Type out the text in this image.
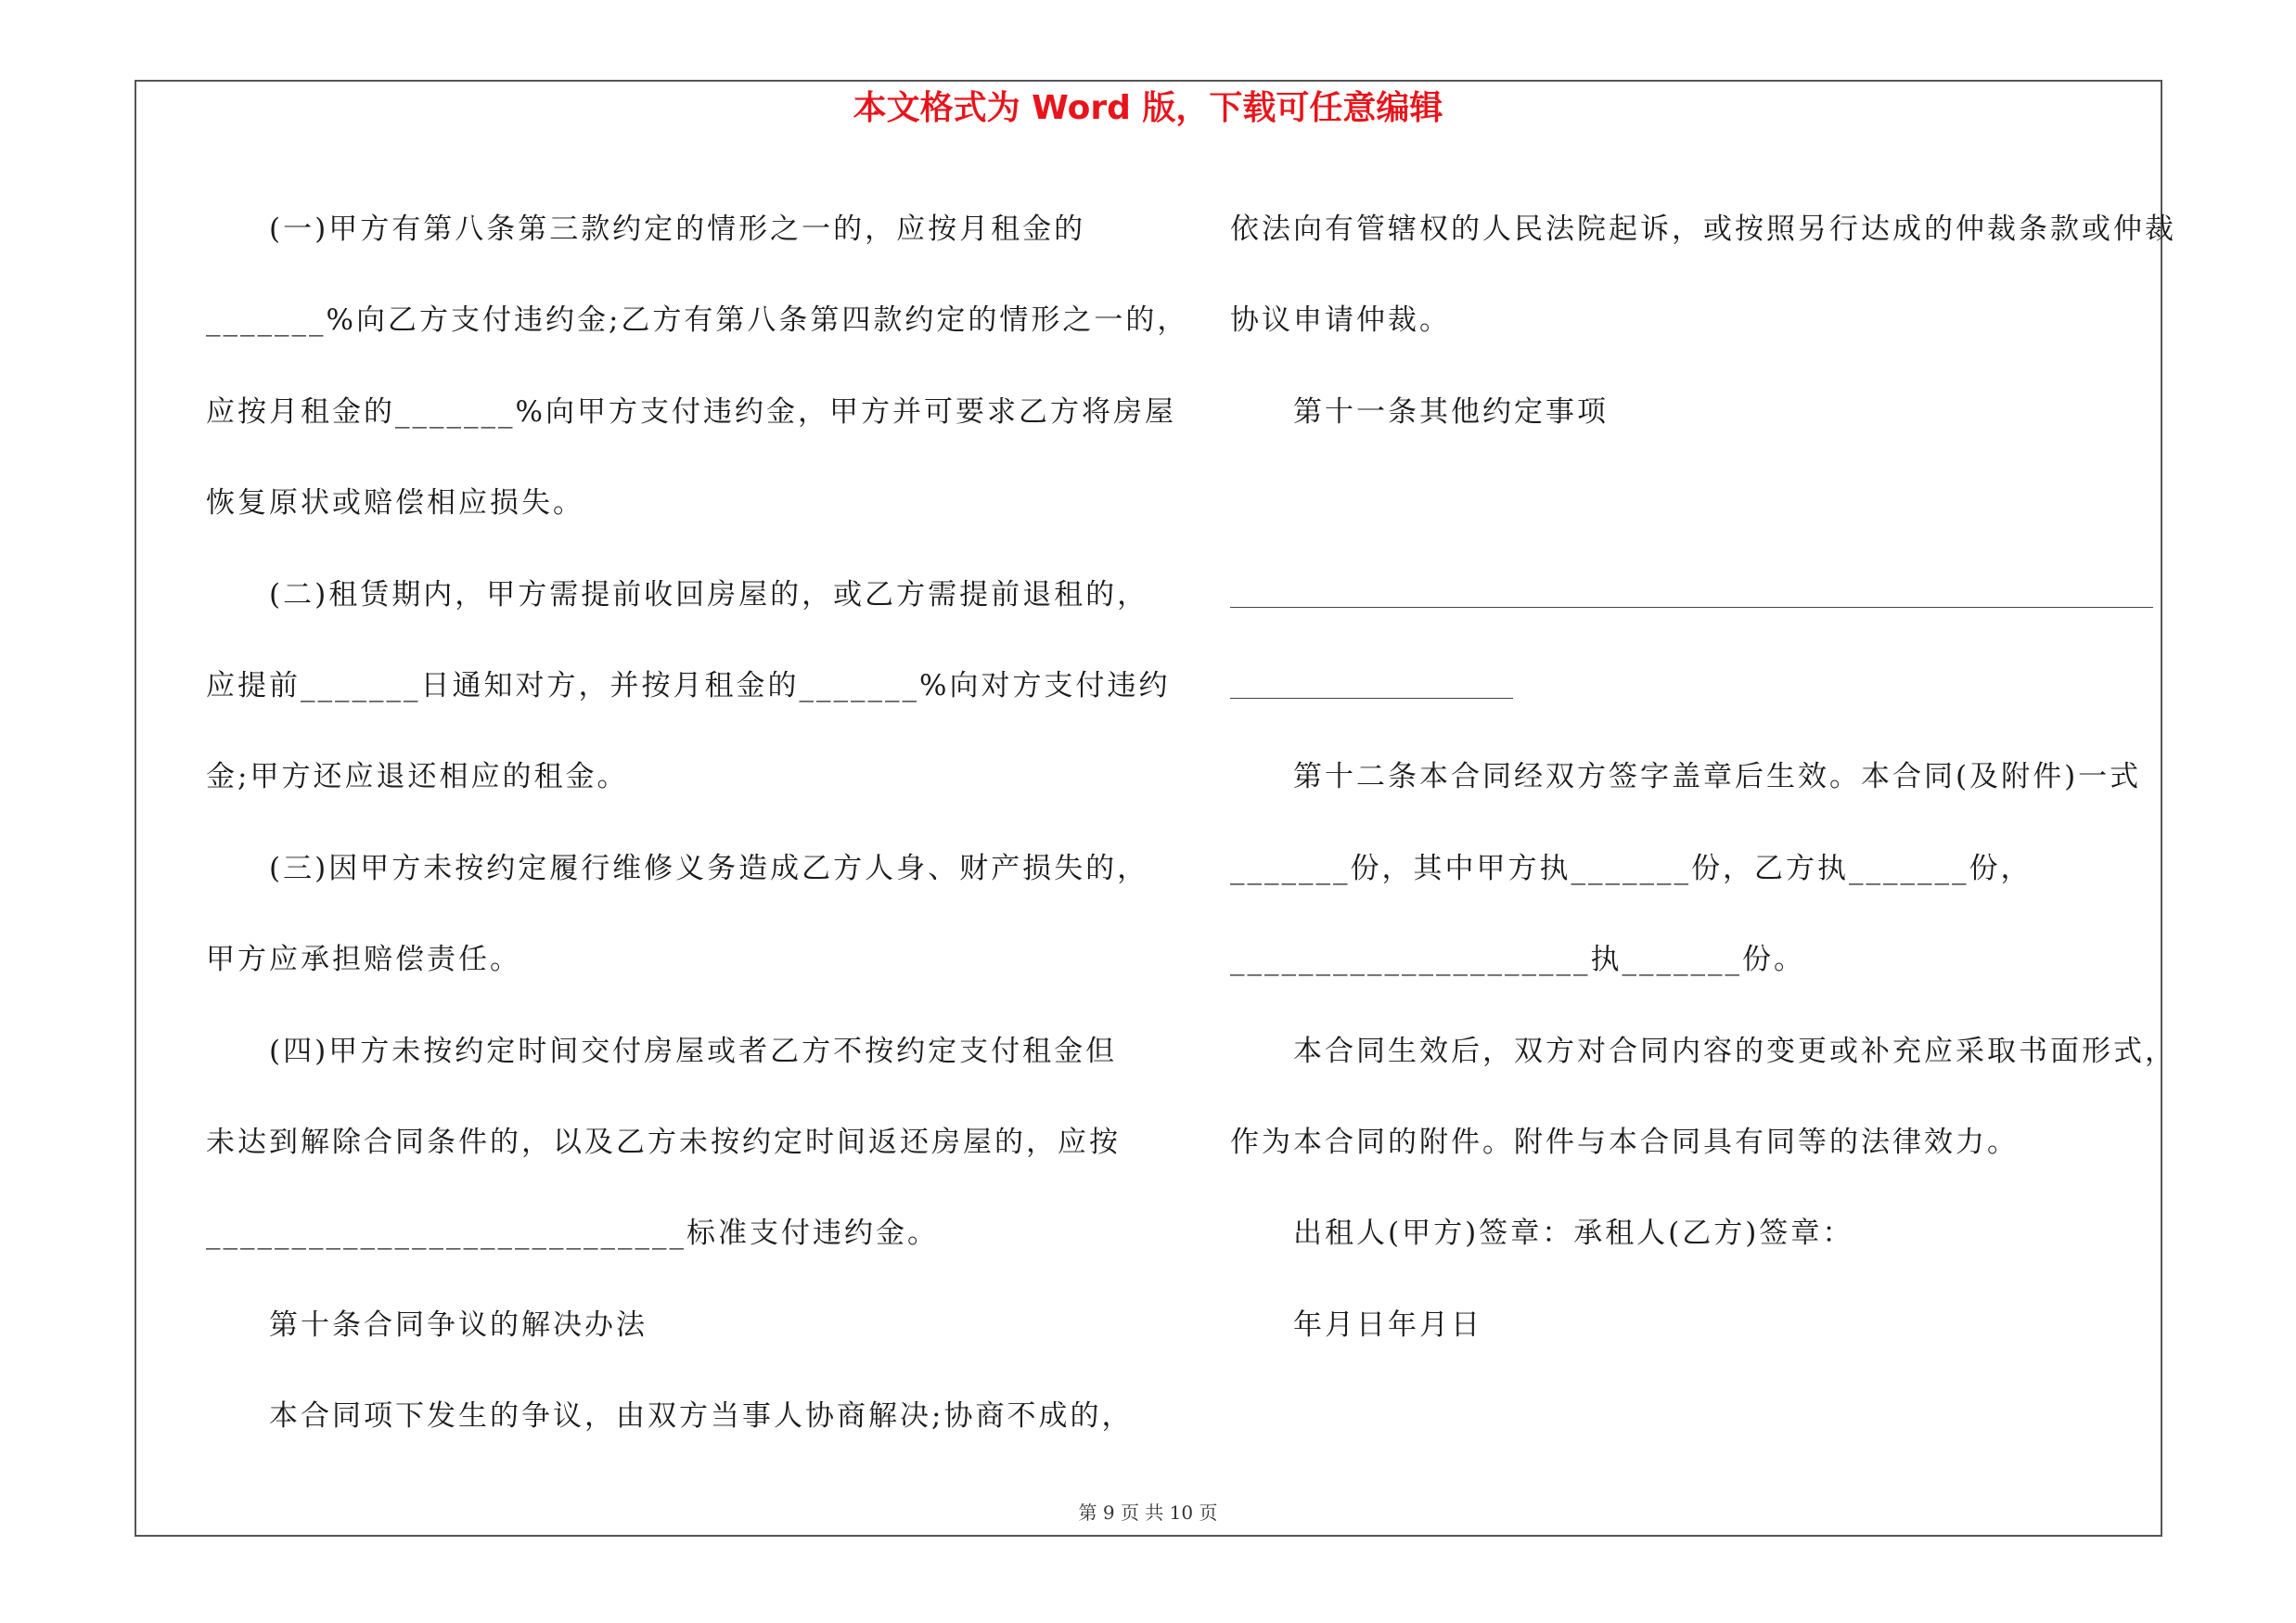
本文格式为 Word 版，下载可任意编辑
(一)甲方有第八条第三款约定的情形之一的，应按月租金的
_______%向乙方支付违约金;乙方有第八条第四款约定的情形之一的，
应按月租金的_______%向甲方支付违约金，甲方并可要求乙方将房屋
恢复原状或赔偿相应损失。
(二)租赁期内，甲方需提前收回房屋的，或乙方需提前退租的，
应提前_______日通知对方，并按月租金的_______%向对方支付违约
金;甲方还应退还相应的租金。
(三)因甲方未按约定履行维修义务造成乙方人身、财产损失的，
甲方应承担赔偿责任。
(四)甲方未按约定时间交付房屋或者乙方不按约定支付租金但
未达到解除合同条件的，以及乙方未按约定时间返还房屋的，应按
____________________________标准支付违约金。
第十条合同争议的解决办法
本合同项下发生的争议，由双方当事人协商解决;协商不成的，
依法向有管辖权的人民法院起诉，或按照另行达成的仲裁条款或仲裁
协议申请仲裁。
第十一条其他约定事项
第十二条本合同经双方签字盖章后生效。本合同(及附件)一式
_______份，其中甲方执_______份，乙方执_______份，
_____________________执_______份。
本合同生效后，双方对合同内容的变更或补充应采取书面形式，
作为本合同的附件。附件与本合同具有同等的法律效力。
出租人(甲方)签章：承租人(乙方)签章：
年月日年月日
第 9 页 共 10 页
